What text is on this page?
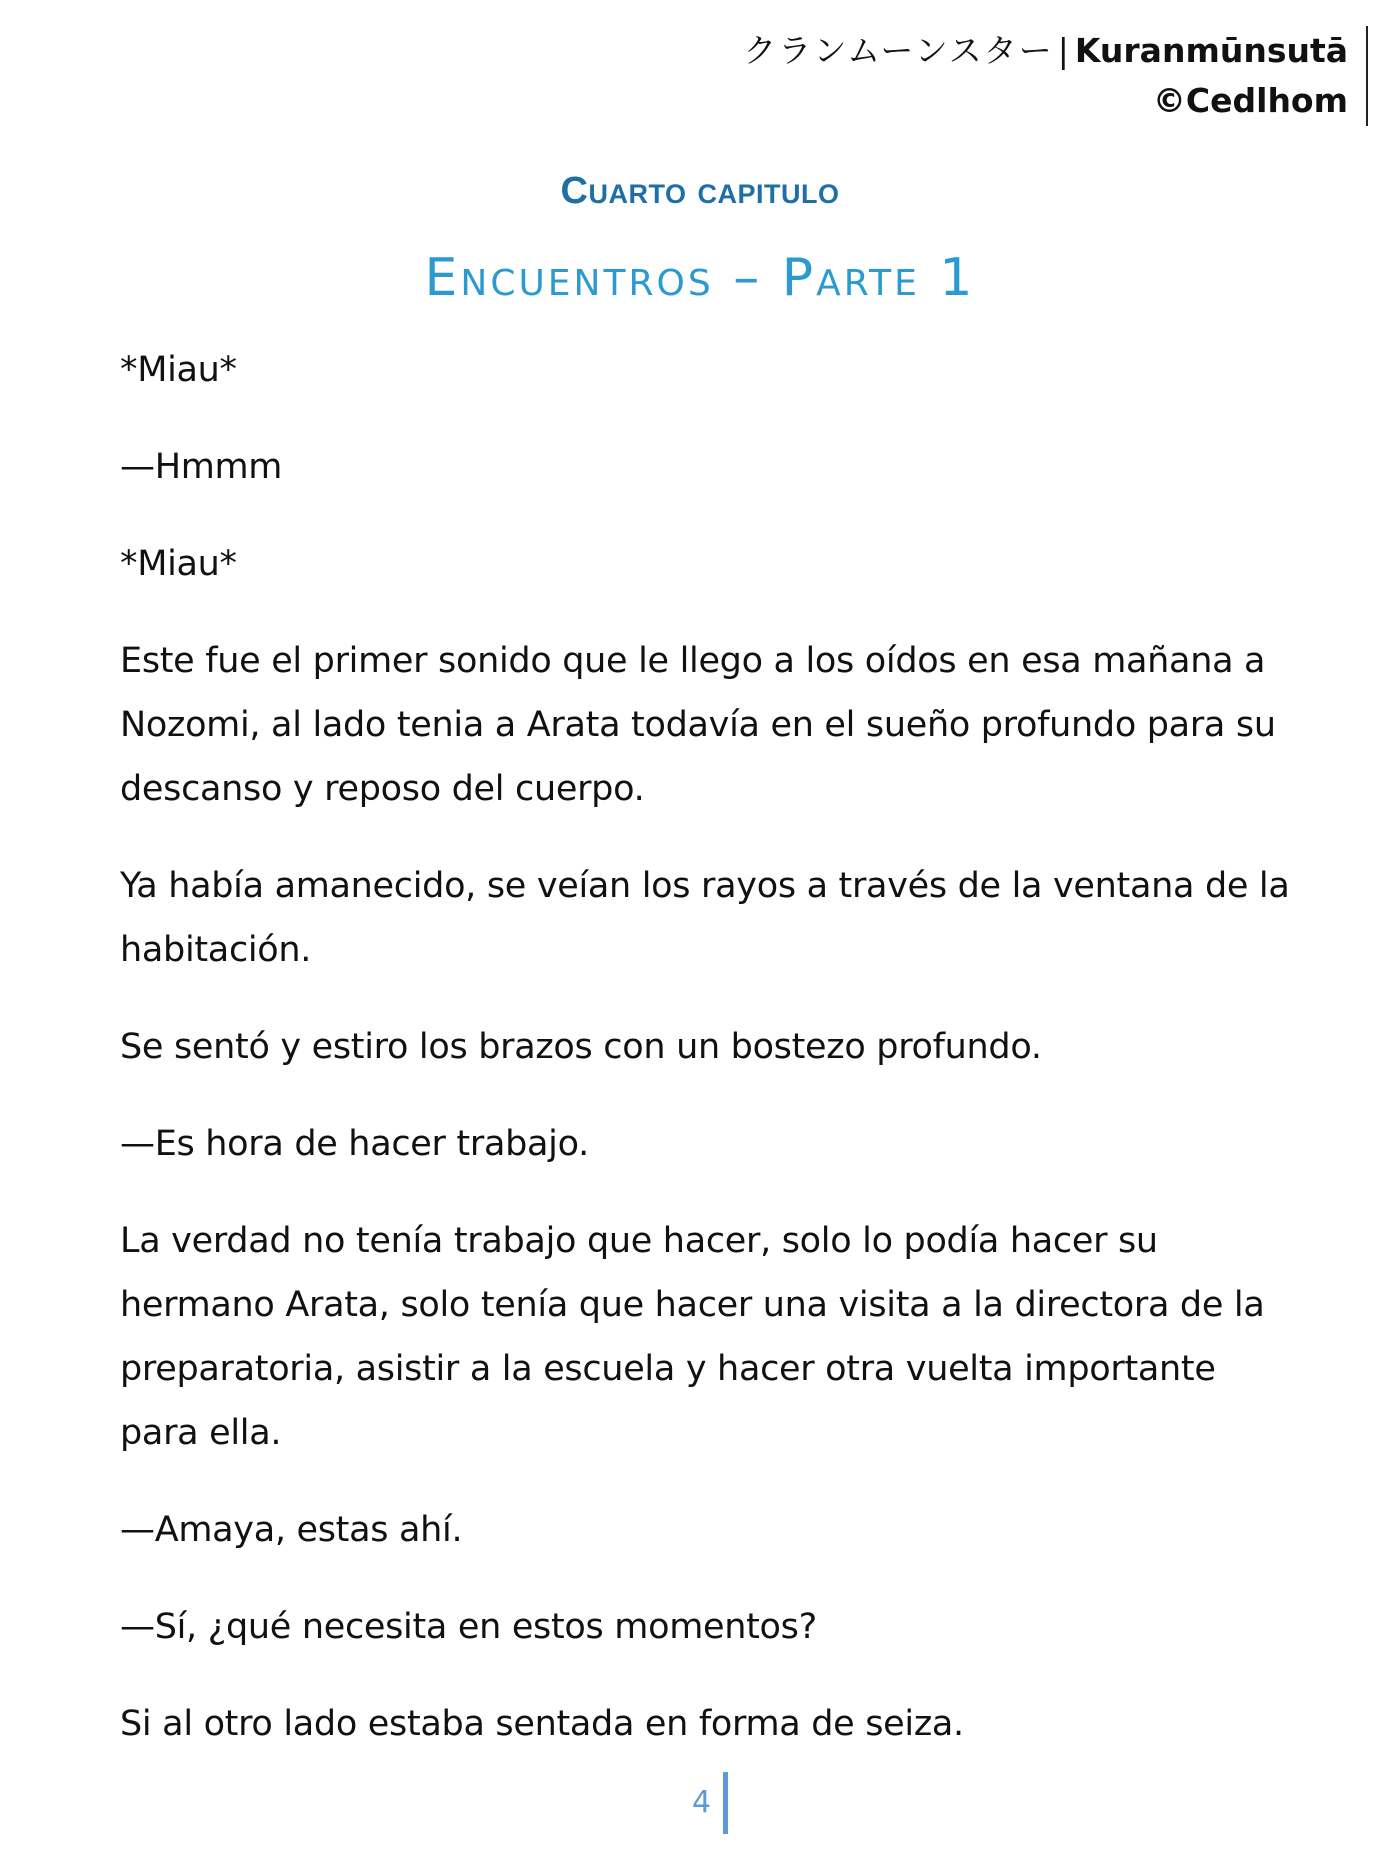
クランムーンスター | Kuranmūnsutā
©Cedlhom
Cuarto capitulo
Encuentros – Parte 1

*Miau*

—Hmmm

*Miau*

Este fue el primer sonido que le llego a los oídos en esa mañana a Nozomi, al lado tenia a Arata todavía en el sueño profundo para su descanso y reposo del cuerpo.

Ya había amanecido, se veían los rayos a través de la ventana de la habitación.

Se sentó y estiro los brazos con un bostezo profundo.

—Es hora de hacer trabajo.

La verdad no tenía trabajo que hacer, solo lo podía hacer su hermano Arata, solo tenía que hacer una visita a la directora de la preparatoria, asistir a la escuela y hacer otra vuelta importante para ella.

—Amaya, estas ahí.

—Sí, ¿qué necesita en estos momentos?

Si al otro lado estaba sentada en forma de seiza.

4
